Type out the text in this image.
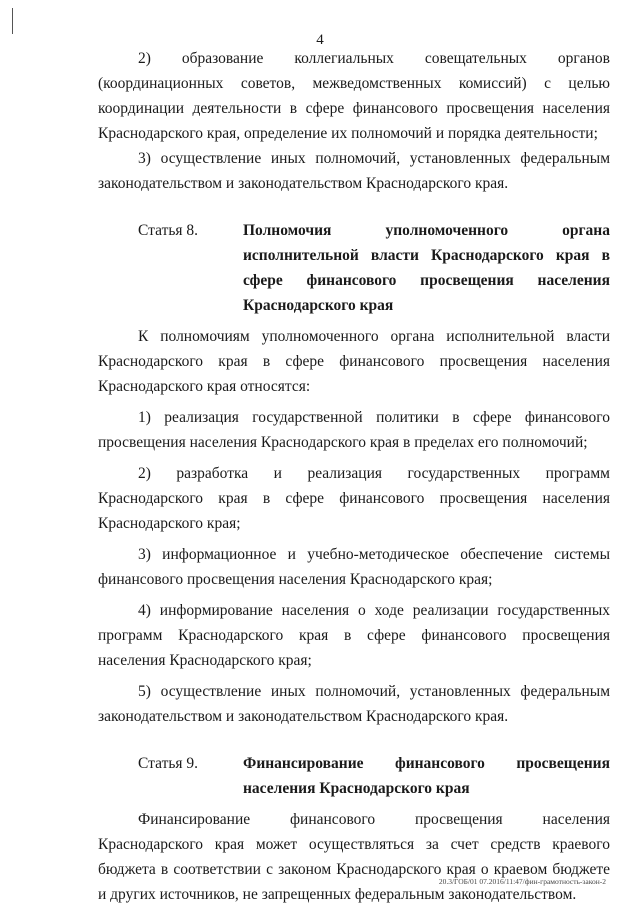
4

2) образование коллегиальных совещательных органов (координационных советов, межведомственных комиссий) с целью координации деятельности в сфере финансового просвещения населения Краснодарского края, определение их полномочий и порядка деятельности;

3) осуществление иных полномочий, установленных федеральным законодательством и законодательством Краснодарского края.

Статья 8.	Полномочия уполномоченного органа исполнительной власти Краснодарского края в сфере финансового просвещения населения Краснодарского края

К полномочиям уполномоченного органа исполнительной власти Краснодарского края в сфере финансового просвещения населения Краснодарского края относятся:

1) реализация государственной политики в сфере финансового просвещения населения Краснодарского края в пределах его полномочий;

2) разработка и реализация государственных программ Краснодарского края в сфере финансового просвещения населения Краснодарского края;

3) информационное и учебно-методическое обеспечение системы финансового просвещения населения Краснодарского края;

4) информирование населения о ходе реализации государственных программ Краснодарского края в сфере финансового просвещения населения Краснодарского края;

5) осуществление иных полномочий, установленных федеральным законодательством и законодательством Краснодарского края.

Статья 9.	Финансирование финансового просвещения населения Краснодарского края

Финансирование финансового просвещения населения Краснодарского края может осуществляться за счет средств краевого бюджета в соответствии с законом Краснодарского края о краевом бюджете и других источников, не запрещенных федеральным законодательством.

20.3/ГОБ/01 07.2016/11:47/фин-грамотность-закон-2
